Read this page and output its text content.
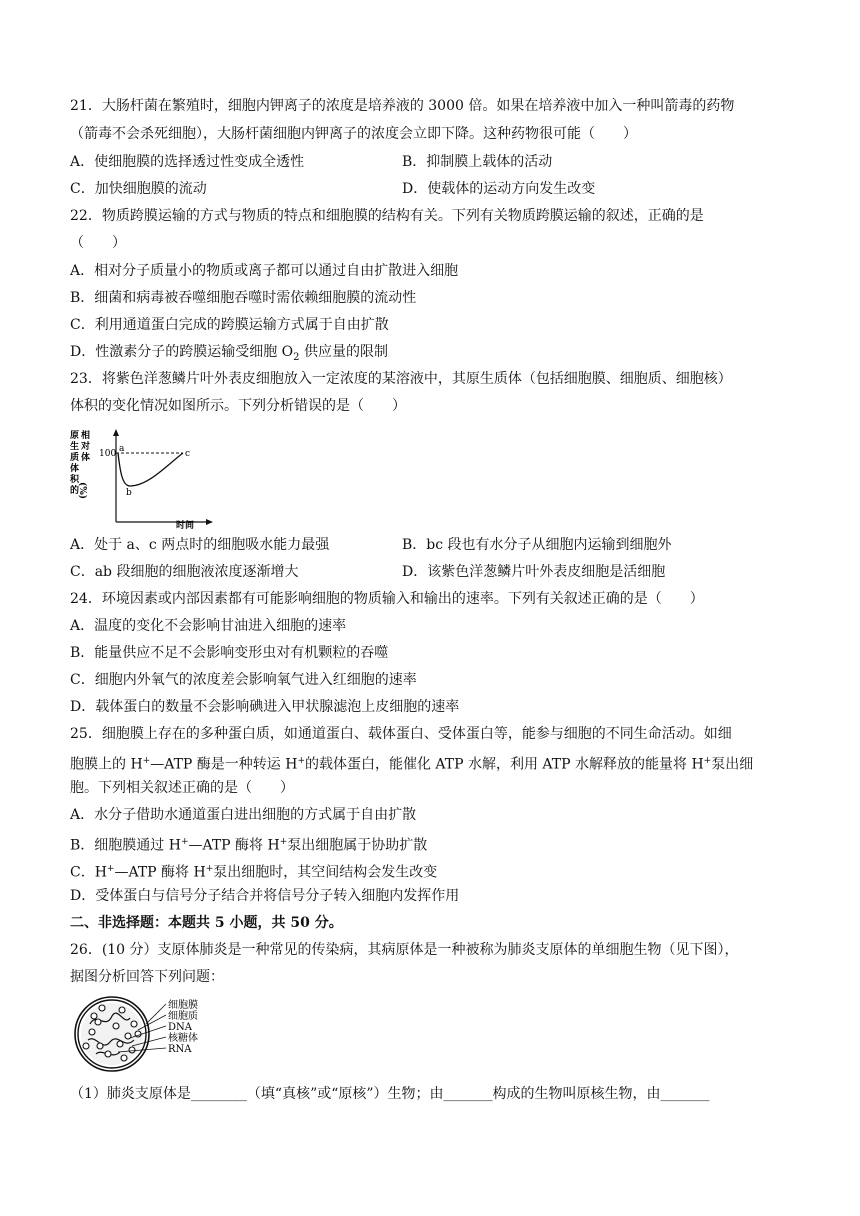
21．大肠杆菌在繁殖时，细胞内钾离子的浓度是培养液的 3000 倍。如果在培养液中加入一种叫箭毒的药物
（箭毒不会杀死细胞），大肠杆菌细胞内钾离子的浓度会立即下降。这种药物很可能（　　）
A．使细胞膜的选择透过性变成全透性	B．抑制膜上载体的活动
C．加快细胞膜的流动	D．使载体的运动方向发生改变
22．物质跨膜运输的方式与物质的特点和细胞膜的结构有关。下列有关物质跨膜运输的叙述，正确的是
（　　）
A．相对分子质量小的物质或离子都可以通过自由扩散进入细胞
B．细菌和病毒被吞噬细胞吞噬时需依赖细胞膜的流动性
C．利用通道蛋白完成的跨膜运输方式属于自由扩散
D．性激素分子的跨膜运输受细胞 $O_2$ 供应量的限制
23．将紫色洋葱鳞片叶外表皮细胞放入一定浓度的某溶液中，其原生质体（包括细胞膜、细胞质、细胞核）
体积的变化情况如图所示。下列分析错误的是（　　）
原
生
质
体
积
的
相
对
体
(%)
100 a
b
c
时间
A．处于 a、c 两点时的细胞吸水能力最强	B．bc 段也有水分子从细胞内运输到细胞外
C．ab 段细胞的细胞液浓度逐渐增大	D．该紫色洋葱鳞片叶外表皮细胞是活细胞
24．环境因素或内部因素都有可能影响细胞的物质输入和输出的速率。下列有关叙述正确的是（　　）
A．温度的变化不会影响甘油进入细胞的速率
B．能量供应不足不会影响变形虫对有机颗粒的吞噬
C．细胞内外氧气的浓度差会影响氧气进入红细胞的速率
D．载体蛋白的数量不会影响碘进入甲状腺滤泡上皮细胞的速率
25．细胞膜上存在的多种蛋白质，如通道蛋白、载体蛋白、受体蛋白等，能参与细胞的不同生命活动。如细
胞膜上的 H+—ATP 酶是一种转运 H+的载体蛋白，能催化 ATP 水解，利用 ATP 水解释放的能量将 H+泵出细
胞。下列相关叙述正确的是（　　）
A．水分子借助水通道蛋白进出细胞的方式属于自由扩散
B．细胞膜通过 H+—ATP 酶将 H+泵出细胞属于协助扩散
C．H+—ATP 酶将 H+泵出细胞时，其空间结构会发生改变
D．受体蛋白与信号分子结合并将信号分子转入细胞内发挥作用
二、非选择题：本题共 5 小题，共 50 分。
26．(10 分）支原体肺炎是一种常见的传染病，其病原体是一种被称为肺炎支原体的单细胞生物（见下图），
据图分析回答下列问题：
细胞膜
细胞质
DNA
核糖体
RNA
（1）肺炎支原体是________（填“真核”或“原核”）生物；由_______构成的生物叫原核生物，由_______
